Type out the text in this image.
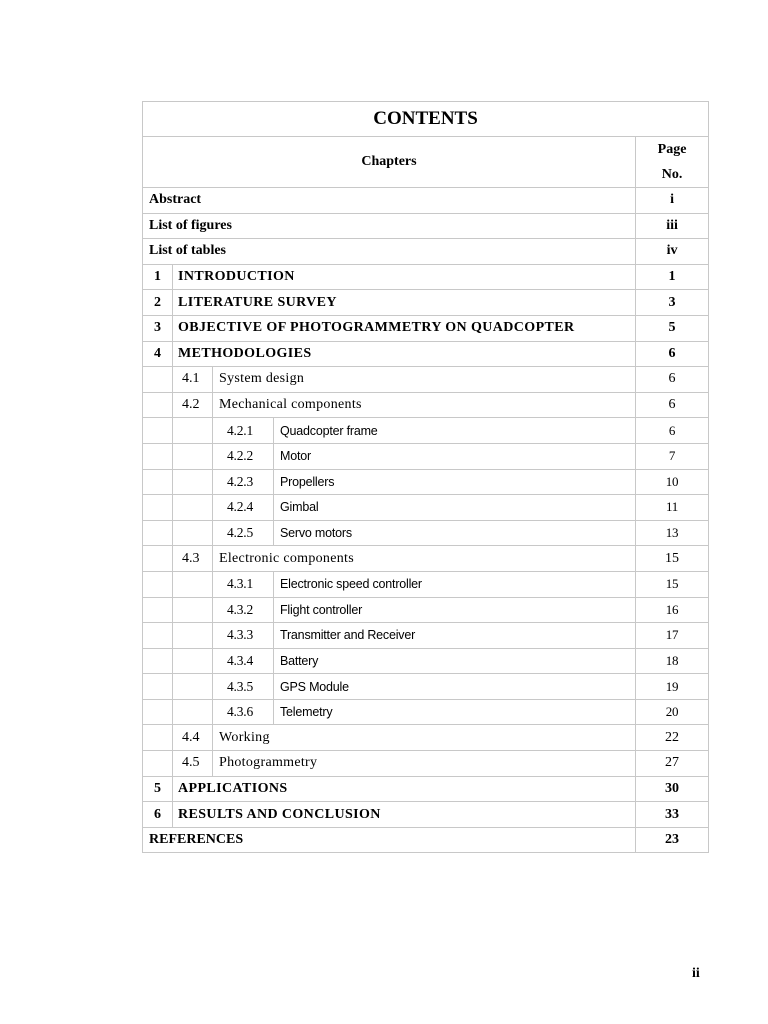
CONTENTS				
Chapters				Page
No.
Abstract				i
List of figures				iii
List of tables				iv
1	INTRODUCTION			1
2	LITERATURE SURVEY			3
3	OBJECTIVE OF PHOTOGRAMMETRY ON QUADCOPTER			5
4	METHODOLOGIES			6
	4.1	System design		6
	4.2	Mechanical components		6
		4.2.1	Quadcopter frame	6
		4.2.2	Motor	7
		4.2.3	Propellers	10
		4.2.4	Gimbal	11
		4.2.5	Servo motors	13
	4.3	Electronic components		15
		4.3.1	Electronic speed controller	15
		4.3.2	Flight controller	16
		4.3.3	Transmitter and Receiver	17
		4.3.4	Battery	18
		4.3.5	GPS Module	19
		4.3.6	Telemetry	20
	4.4	Working		22
	4.5	Photogrammetry		27
5	APPLICATIONS			30
6	RESULTS AND CONCLUSION			33
REFERENCES				23
ii
